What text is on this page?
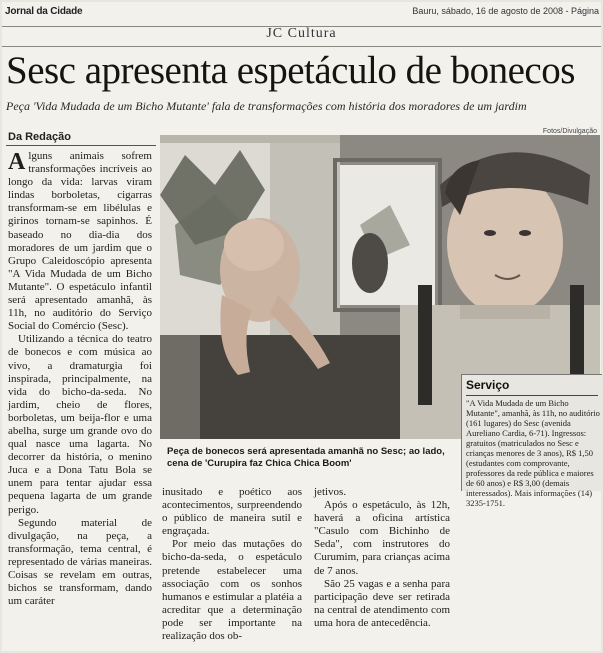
Jornal da Cidade	Bauru, sábado, 16 de agosto de 2008 - Página
JC Cultura
Sesc apresenta espetáculo de bonecos
Peça 'Vida Mudada de um Bicho Mutante' fala de transformações com história dos moradores de um jardim
Da Redação	Fotos/Divulgação

Alguns animais sofrem transformações incríveis ao longo da vida: larvas viram lindas borboletas, cigarras transformam-se em libélulas e girinos tornam-se sapinhos. É baseado no dia-dia dos moradores de um jardim que o Grupo Caleidoscópio apresenta "A Vida Mudada de um Bicho Mutante". O espetáculo infantil será apresentado amanhã, às 11h, no auditório do Serviço Social do Comércio (Sesc).

Utilizando a técnica do teatro de bonecos e com música ao vivo, a dramaturgia foi inspirada, principalmente, na vida do bicho-da-seda. No jardim, cheio de flores, borboletas, um beija-flor e uma abelha, surge um grande ovo do qual nasce uma lagarta. No decorrer da história, o menino Juca e a Dona Tatu Bola se unem para tentar ajudar essa pequena lagarta de um grande perigo.

Segundo material de divulgação, na peça, a transformação, tema central, é representado de várias maneiras. Coisas se revelam em outras, bichos se transformam, dando um caráter

Peça de bonecos será apresentada amanhã no Sesc; ao lado, cena de 'Curupira faz Chica Chica Boom'

inusitado e poético aos acontecimentos, surpreendendo o público de maneira sutil e engraçada.

Por meio das mutações do bicho-da-seda, o espetáculo pretende estabelecer uma associação com os sonhos humanos e estimular a platéia a acreditar que a determinação pode ser importante na realização dos ob-

jetivos.

Após o espetáculo, às 12h, haverá a oficina artística "Casulo com Bichinho de Seda", com instrutores do Curumim, para crianças acima de 7 anos.

São 25 vagas e a senha para participação deve ser retirada na central de atendimento com uma hora de antecedência.

Serviço
"A Vida Mudada de um Bicho Mutante", amanhã, às 11h, no auditório (161 lugares) do Sesc (avenida Aureliano Cardia, 6-71). Ingressos: gratuitos (matriculados no Sesc e crianças menores de 3 anos), R$ 1,50 (estudantes com comprovante, professores da rede pública e maiores de 60 anos) e R$ 3,00 (demais interessados). Mais informações (14) 3235-1751.
